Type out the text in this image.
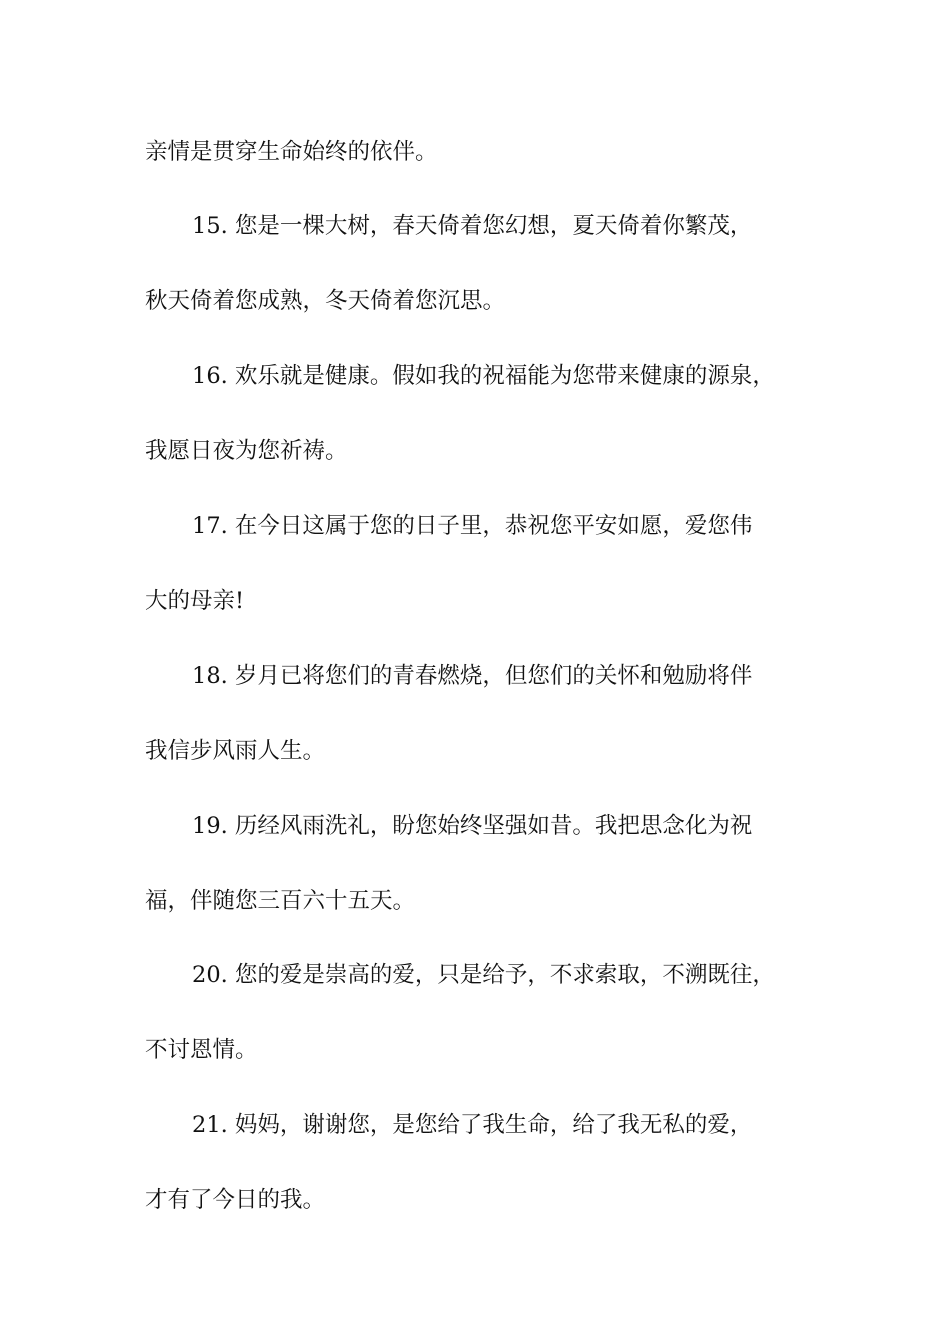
亲情是贯穿生命始终的依伴。
15. 您是一棵大树，春天倚着您幻想，夏天倚着你繁茂，
秋天倚着您成熟，冬天倚着您沉思。
16. 欢乐就是健康。假如我的祝福能为您带来健康的源泉，
我愿日夜为您祈祷。
17. 在今日这属于您的日子里，恭祝您平安如愿，爱您伟
大的母亲!
18. 岁月已将您们的青春燃烧，但您们的关怀和勉励将伴
我信步风雨人生。
19. 历经风雨洗礼，盼您始终坚强如昔。我把思念化为祝
福，伴随您三百六十五天。
20. 您的爱是崇高的爱，只是给予，不求索取，不溯既往，
不讨恩情。
21. 妈妈，谢谢您，是您给了我生命，给了我无私的爱，
才有了今日的我。
